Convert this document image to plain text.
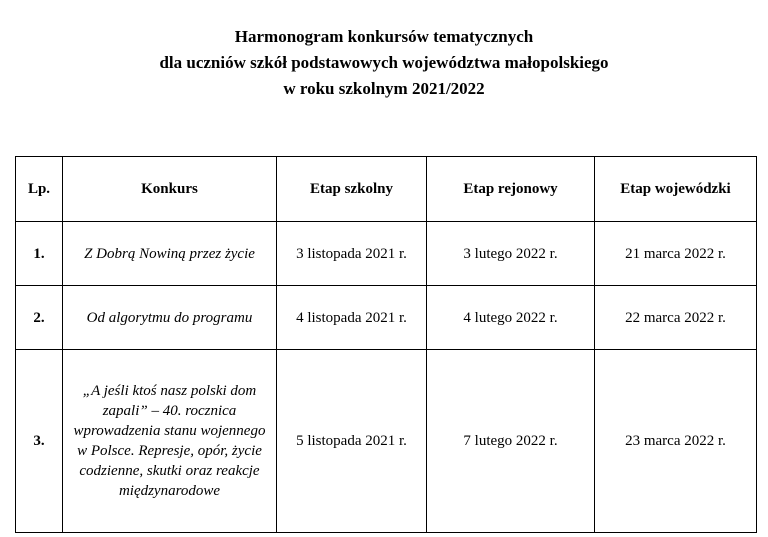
Harmonogram konkursów tematycznych
dla uczniów szkół podstawowych województwa małopolskiego
w roku szkolnym 2021/2022
Lp.	Konkurs	Etap szkolny	Etap rejonowy	Etap wojewódzki
1.	Z Dobrą Nowiną przez życie	3 listopada 2021 r.	3 lutego 2022 r.	21 marca 2022 r.
2.	Od algorytmu do programu	4 listopada 2021 r.	4 lutego 2022 r.	22 marca 2022 r.
3.	„A jeśli ktoś nasz polski dom zapali” – 40. rocznica wprowadzenia stanu wojennego w Polsce. Represje, opór, życie codzienne, skutki oraz reakcje międzynarodowe	5 listopada 2021 r.	7 lutego 2022 r.	23 marca 2022 r.
